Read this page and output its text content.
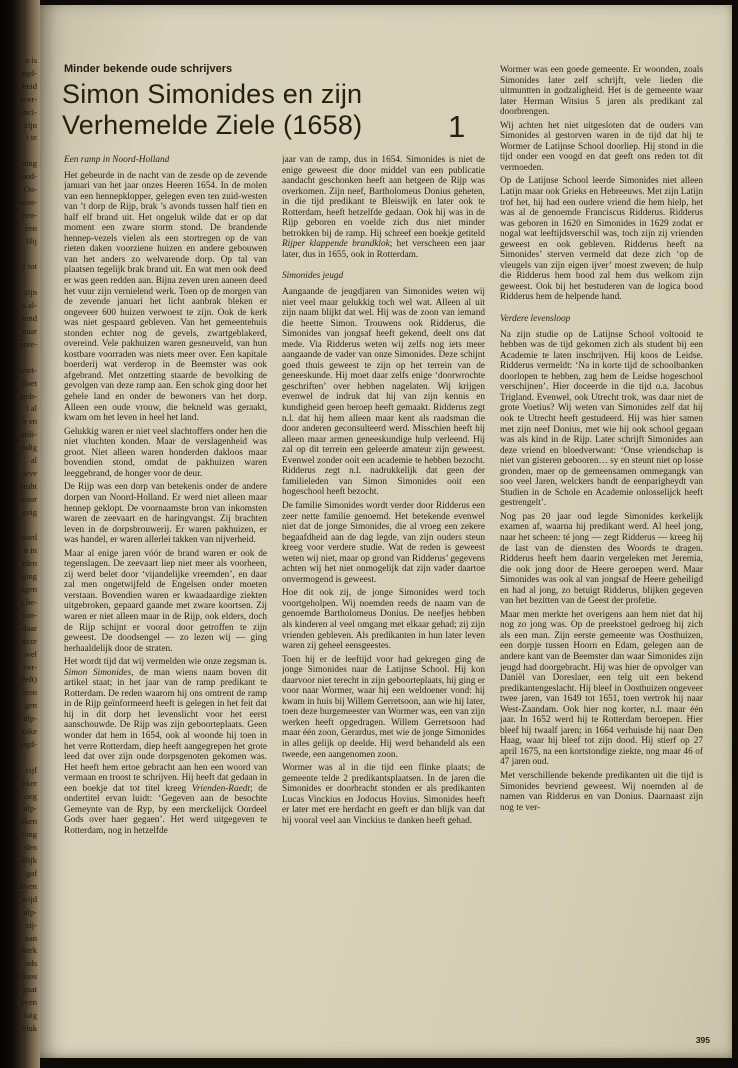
u is
egd-
heid
aver-
inci-
zijn
t te
ning
ood-
On-
tzon-
een-
een
Hij
r tot
zijn
s al-
tend
naar
ente-
zwart-
doet
amb-
l al
e en
ardi-
ndig
al
ieve
ombt
voor
ezig
oord
n in
iden
ging
ngen
s be-
van-
daar
neze
wel
ver-
eeft)
oren
gen
ulp-
zake
iegd-
vijf
eker
oeg
ulp-
oken
ving
den
elijk
gaf
even
wijd
ulp-
zij-
aan
kerk
ods
loos
gaat
even
tuig
eluk
Minder bekende oude schrijvers
Simon Simonides en zijn
Verhemelde Ziele (1658)	1
Een ramp in Noord-Holland

Het gebeurde in de nacht van de zesde op de zevende januari van het jaar onzes Heeren 1654. In de molen van een hennepklopper, gelegen even ten zuid-westen van ’t dorp de Rijp, brak ’s avonds tussen half tien en half elf brand uit. Het ongeluk wilde dat er op dat moment een zware storm stond. De brandende hennep-vezels vielen als een stortregen op de van rieten daken voorziene huizen en andere gebouwen van het anders zo welvarende dorp. Op tal van plaatsen tegelijk brak brand uit. En wat men ook deed er was geen redden aan. Bijna zeven uren aaneen deed het vuur zijn vernielend werk. Toen op de morgen van de zevende januari het licht aanbrak bleken er ongeveer 600 huizen verwoest te zijn. Ook de kerk was niet gespaard gebleven. Van het gemeentehuis stonden echter nog de gevels, zwartgeblakerd, overeind. Vele pakhuizen waren gesneuveld, van hun kostbare voorraden was niets meer over. Een kapitale boerderij wat verderop in de Beemster was ook afgebrand. Met ontzetting staarde de bevolking de gevolgen van deze ramp aan. Een schok ging door het gehele land en onder de bewoners van het dorp. Alleen een oude vrouw, die bekneld was geraakt, kwam om het leven in heel het land.

Gelukkig waren er niet veel slachtoffers onder hen die niet vluchten konden. Maar de verslagenheid was groot. Niet alleen waren honderden dakloos maar bovendien stond, omdat de pakhuizen waren leeggebrand, de honger voor de deur.

De Rijp was een dorp van betekenis onder de andere dorpen van Noord-Holland. Er werd niet alleen maar hennep geklopt. De voornaamste bron van inkomsten waren de zeevaart en de haringvangst. Zij brachten leven in de dorpsbrouwerij. Er waren pakhuizen, er was handel, er waren allerlei takken van nijverheid.

Maar al enige jaren vóór de brand waren er ook de tegenslagen. De zeevaart liep niet meer als voorheen, zij werd belet door ‘vijandelijke vreemden’, en daar zal men ongetwijfeld de Engelsen onder moeten verstaan. Bovendien waren er kwaadaardige ziekten uitgebroken, gepaard gaande met zware koortsen. Zij waren er niet alleen maar in de Rijp, ook elders, doch de Rijp schijnt er vooral door getroffen te zijn geweest. De doodsengel — zo lezen wij — ging herhaaldelijk door de straten.

Het wordt tijd dat wij vermelden wie onze zegsman is. Simon Simonides, de man wiens naam boven dit artikel staat; in het jaar van de ramp predikant te Rotterdam. De reden waarom hij ons omtrent de ramp in de Rijp geïnformeerd heeft is gelegen in het feit dat hij in dit dorp het levenslicht voor het eerst aanschouwde. De Rijp was zijn geboorteplaats. Geen wonder dat hem in 1654, ook al woonde hij toen in het verre Rotterdam, diep heeft aangegrepen het grote leed dat over zijn oude dorpsgenoten gekomen was. Het heeft hem ertoe gebracht aan hen een woord van vermaan en troost te schrijven. Hij heeft dat gedaan in een boekje dat tot titel kreeg Vrienden-Raedt; de ondertitel ervan luidt: ‘Gegeven aan de besochte Gemeynte van de Ryp, by een merckelijck Oordeel Gods over haer gegaen’. Het werd uitgegeven te Rotterdam, nog in hetzelfde

jaar van de ramp, dus in 1654. Simonides is niet de enige geweest die door middel van een publicatie aandacht geschonken heeft aan hetgeen de Rijp was overkomen. Zijn neef, Bartholomeus Donius geheten, in die tijd predikant te Bleiswijk en later ook te Rotterdam, heeft hetzelfde gedaan. Ook hij was in de Rijp geboren en voelde zich dus niet minder betrokken bij de ramp. Hij schreef een boekje getiteld Rijper klappende brandklok; het verscheen een jaar later, dus in 1655, ook in Rotterdam.

Simonides jeugd

Aangaande de jeugdjaren van Simonides weten wij niet veel maar gelukkig toch wel wat. Alleen al uit zijn naam blijkt dat wel. Hij was de zoon van iemand die heette Simon. Trouwens ook Ridderus, die Simonides van jongsaf heeft gekend, deelt ons dat mede. Via Ridderus weten wij zelfs nog iets meer aangaande de vader van onze Simonides. Deze schijnt goed thuis geweest te zijn op het terrein van de geneeskunde. Hij moet daar zelfs enige ‘doorwrochte geschriften’ over hebben nagelaten. Wij krijgen evenwel de indruk dat hij van zijn kennis en kundigheid geen beroep heeft gemaakt. Ridderus zegt n.l. dat hij hem alleen maar kent als raadsman die door anderen geconsulteerd werd. Misschien heeft hij alleen maar armen geneeskundige hulp verleend. Hij zal op dit terrein een geleerde amateur zijn geweest. Evenwel zonder ooit een academie te hebben bezocht. Ridderus zegt n.l. nadrukkelijk dat geen der familieleden van Simon Simonides ooit een hogeschool heeft bezocht.

De familie Simonides wordt verder door Ridderus een zeer nette familie genoemd. Het betekende evenwel niet dat de jonge Simonides, die al vroeg een zekere begaafdheid aan de dag legde, van zijn ouders steun kreeg voor verdere studie. Wat de reden is geweest weten wij niet, maar op grond van Ridderus’ gegevens achten wij het niet onmogelijk dat zijn vader daartoe onvermogend is geweest.

Hoe dit ook zij, de jonge Simonides werd toch voortgeholpen. Wij noemden reeds de naam van de genoemde Bartholomeus Donius. De neefjes hebben als kinderen al veel omgang met elkaar gehad; zij zijn vrienden gebleven. Als predikanten in hun later leven waren zij geheel eensgeestes.

Toen hij er de leeftijd voor had gekregen ging de jonge Simonides naar de Latijnse School. Hij kon daarvoor niet terecht in zijn geboorteplaats, hij ging er voor naar Wormer, waar hij een weldoener vond: hij kwam in huis bij Willem Gerretsoon, aan wie hij later, toen deze burgemeester van Wormer was, een van zijn werken heeft opgedragen. Willem Gerretsoon had maar één zoon, Gerardus, met wie de jonge Simonides in alles gelijk op deelde. Hij werd behandeld als een tweede, een aangenomen zoon.

Wormer was al in die tijd een flinke plaats; de gemeente telde 2 predikantsplaatsen. In de jaren die Simonides er doorbracht stonden er als predikanten Lucas Vinckius en Jodocus Hovius. Simonides heeft er later met ere herdacht en geeft er dan blijk van dat hij vooral veel aan Vinckius te danken heeft gehad.

Wormer was een goede gemeente. Er woonden, zoals Simonides later zelf schrijft, vele lieden die uitmuntten in godzaligheid. Het is de gemeente waar later Herman Witsius 5 jaren als predikant zal doorbrengen.

Wij achten het niet uitgesloten dat de ouders van Simonides al gestorven waren in de tijd dat hij te Wormer de Latijnse School doorliep. Hij stond in die tijd onder een voogd en dat geeft ons reden tot dit vermoeden.

Op de Latijnse School leerde Simonides niet alleen Latijn maar ook Grieks en Hebreeuws. Met zijn Latijn trof het, hij had een oudere vriend die hem hielp, het was al de genoemde Franciscus Ridderus. Ridderus was geboren in 1620 en Simonides in 1629 zodat er nogal wat leeftijdsverschil was, toch zijn zij vrienden geweest en ook gebleven. Ridderus heeft na Simonides’ sterven vermeld dat deze zich ‘op de vleugels van zijn eigen ijver’ moest zweven; de hulp die Ridderus hem bood zal hem dus welkom zijn geweest. Ook bij het bestuderen van de logica bood Ridderus hem de helpende hand.

Verdere levensloop

Na zijn studie op de Latijnse School voltooid te hebben was de tijd gekomen zich als student bij een Academie te laten inschrijven. Hij koos de Leidse. Ridderus vermeldt: ‘Na in korte tijd de schoolbanken doorlopen te hebben, zag hem de Leidse hogeschool verschijnen’. Hier doceerde in die tijd o.a. Jacobus Trigland. Evenwel, ook Utrecht trok, was daar niet de grote Voetius? Wij weten van Simonides zelf dat hij ook te Utrecht heeft gestudeerd. Hij was hier samen met zijn neef Donius, met wie hij ook school gegaan was als kind in de Rijp. Later schrijft Simonides aan deze vriend en bloedverwant: ‘Onse vriendschap is niet van gisteren gebooren… sy en steunt niet op losse gronden, maer op de gemeensamen ommegangk van soo veel Jaren, welckers bandt de eenparigheydt van Studien in de Schole en Academie onlosselijck heeft gestrengelt’.

Nog pas 20 jaar oud legde Simonides kerkelijk examen af, waarna hij predikant werd. Al heel jong, naar het scheen: té jong — zegt Ridderus — kreeg hij de last van de diensten des Woords te dragen. Ridderus heeft hem daarin vergeleken met Jeremia, die ook jong door de Heere geroepen werd. Maar Simonides was ook al van jongsaf de Heere geheiligd en had al jong, zo betuigt Ridderus, blijken gegeven van het bezitten van de Geest der profetie.

Maar men merkte het overigens aan hem niet dat hij nog zo jong was. Op de preekstoel gedroeg hij zich als een man. Zijn eerste gemeente was Oosthuizen, een dorpje tussen Hoorn en Edam, gelegen aan de andere kant van de Beemster dan waar Simonides zijn jeugd had doorgebracht. Hij was hier de opvolger van Daniël van Doreslaer, een telg uit een bekend predikantengeslacht. Hij bleef in Oosthuizen ongeveer twee jaren, van 1649 tot 1651, toen vertrok hij naar West-Zaandam. Ook hier nog korter, n.l. maar één jaar. In 1652 werd hij te Rotterdam beroepen. Hier bleef hij twaalf jaren; in 1664 verhuisde hij naar Den Haag, waar hij bleef tot zijn dood. Hij stierf op 27 april 1675, na een kortstondige ziekte, nog maar 46 of 47 jaren oud.

Met verschillende bekende predikanten uit die tijd is Simonides bevriend geweest. Wij noemden al de namen van Ridderus en van Donius. Daarnaast zijn nog te ver-

395
